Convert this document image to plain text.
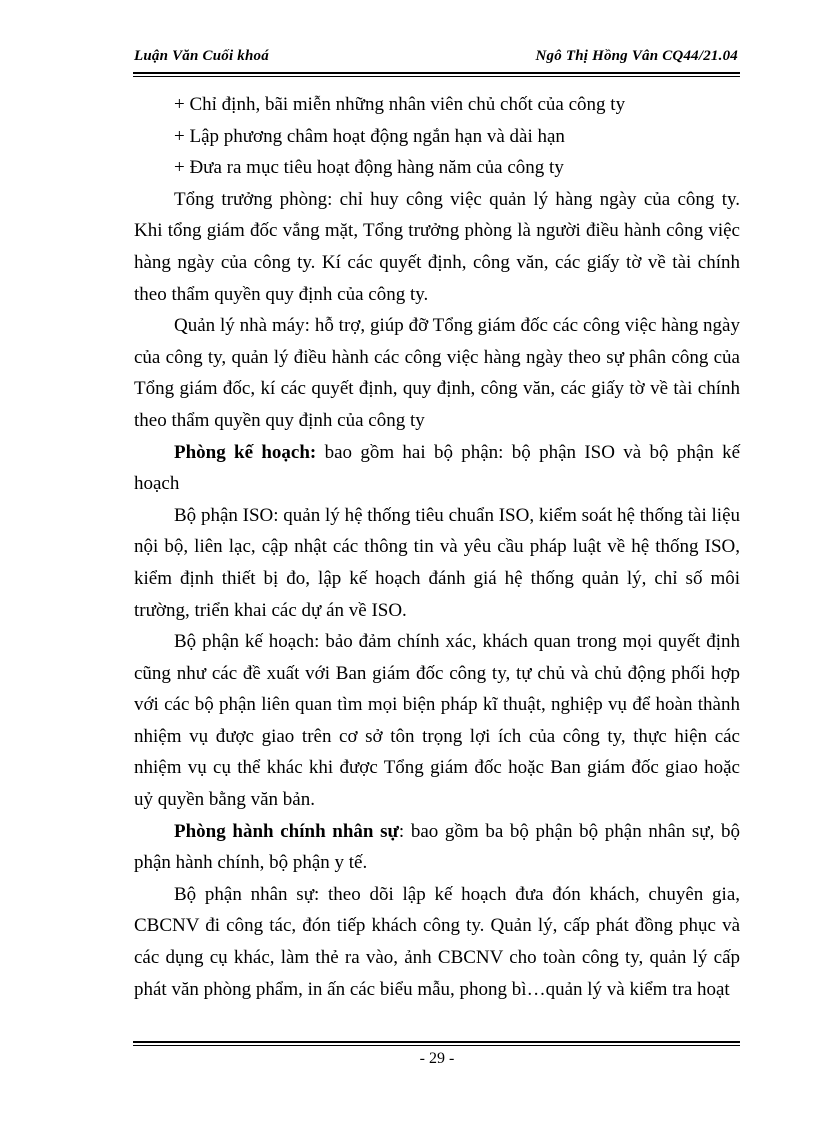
Luận Văn Cuối khoá	Ngô Thị Hồng Vân CQ44/21.04

+ Chỉ định, bãi miễn những nhân viên chủ chốt của công ty

+ Lập phương châm hoạt động ngắn hạn và dài hạn

+ Đưa ra mục tiêu hoạt động hàng năm của công ty

Tổng trưởng phòng: chỉ huy công việc quản lý hàng ngày của công ty. Khi tổng giám đốc vắng mặt, Tổng trưởng phòng là người điều hành công việc hàng ngày của công ty. Kí các quyết định, công văn, các giấy tờ về tài chính theo thẩm quyền quy định của công ty.

Quản lý nhà máy: hỗ trợ, giúp đỡ Tổng giám đốc các công việc hàng ngày của công ty, quản lý điều hành các công việc hàng ngày theo sự phân công của Tổng giám đốc, kí các quyết định, quy định, công văn, các giấy tờ về tài chính theo thẩm quyền quy định của công ty

Phòng kế hoạch: bao gồm hai bộ phận: bộ phận ISO và bộ phận kế hoạch

Bộ phận ISO: quản lý hệ thống tiêu chuẩn ISO, kiểm soát hệ thống tài liệu nội bộ, liên lạc, cập nhật các thông tin và yêu cầu pháp luật về hệ thống ISO, kiểm định thiết bị đo, lập kế hoạch đánh giá hệ thống quản lý, chỉ số môi trường, triển khai các dự án về ISO.

Bộ phận kế hoạch: bảo đảm chính xác, khách quan trong mọi quyết định cũng như các đề xuất với Ban giám đốc công ty, tự chủ và chủ động phối hợp với các bộ phận liên quan tìm mọi biện pháp kĩ thuật, nghiệp vụ để hoàn thành nhiệm vụ được giao trên cơ sở tôn trọng lợi ích của công ty, thực hiện các nhiệm vụ cụ thể khác khi được Tổng giám đốc hoặc Ban giám đốc giao hoặc uỷ quyền bằng văn bản.

Phòng hành chính nhân sự: bao gồm ba bộ phận bộ phận nhân sự, bộ phận hành chính, bộ phận y tế.

Bộ phận nhân sự: theo dõi lập kế hoạch đưa đón khách, chuyên gia, CBCNV đi công tác, đón tiếp khách công ty. Quản lý, cấp phát đồng phục và các dụng cụ khác, làm thẻ ra vào, ảnh CBCNV cho toàn công ty, quản lý cấp phát văn phòng phẩm, in ấn các biểu mẫu, phong bì…quản lý và kiểm tra hoạt

- 29 -
